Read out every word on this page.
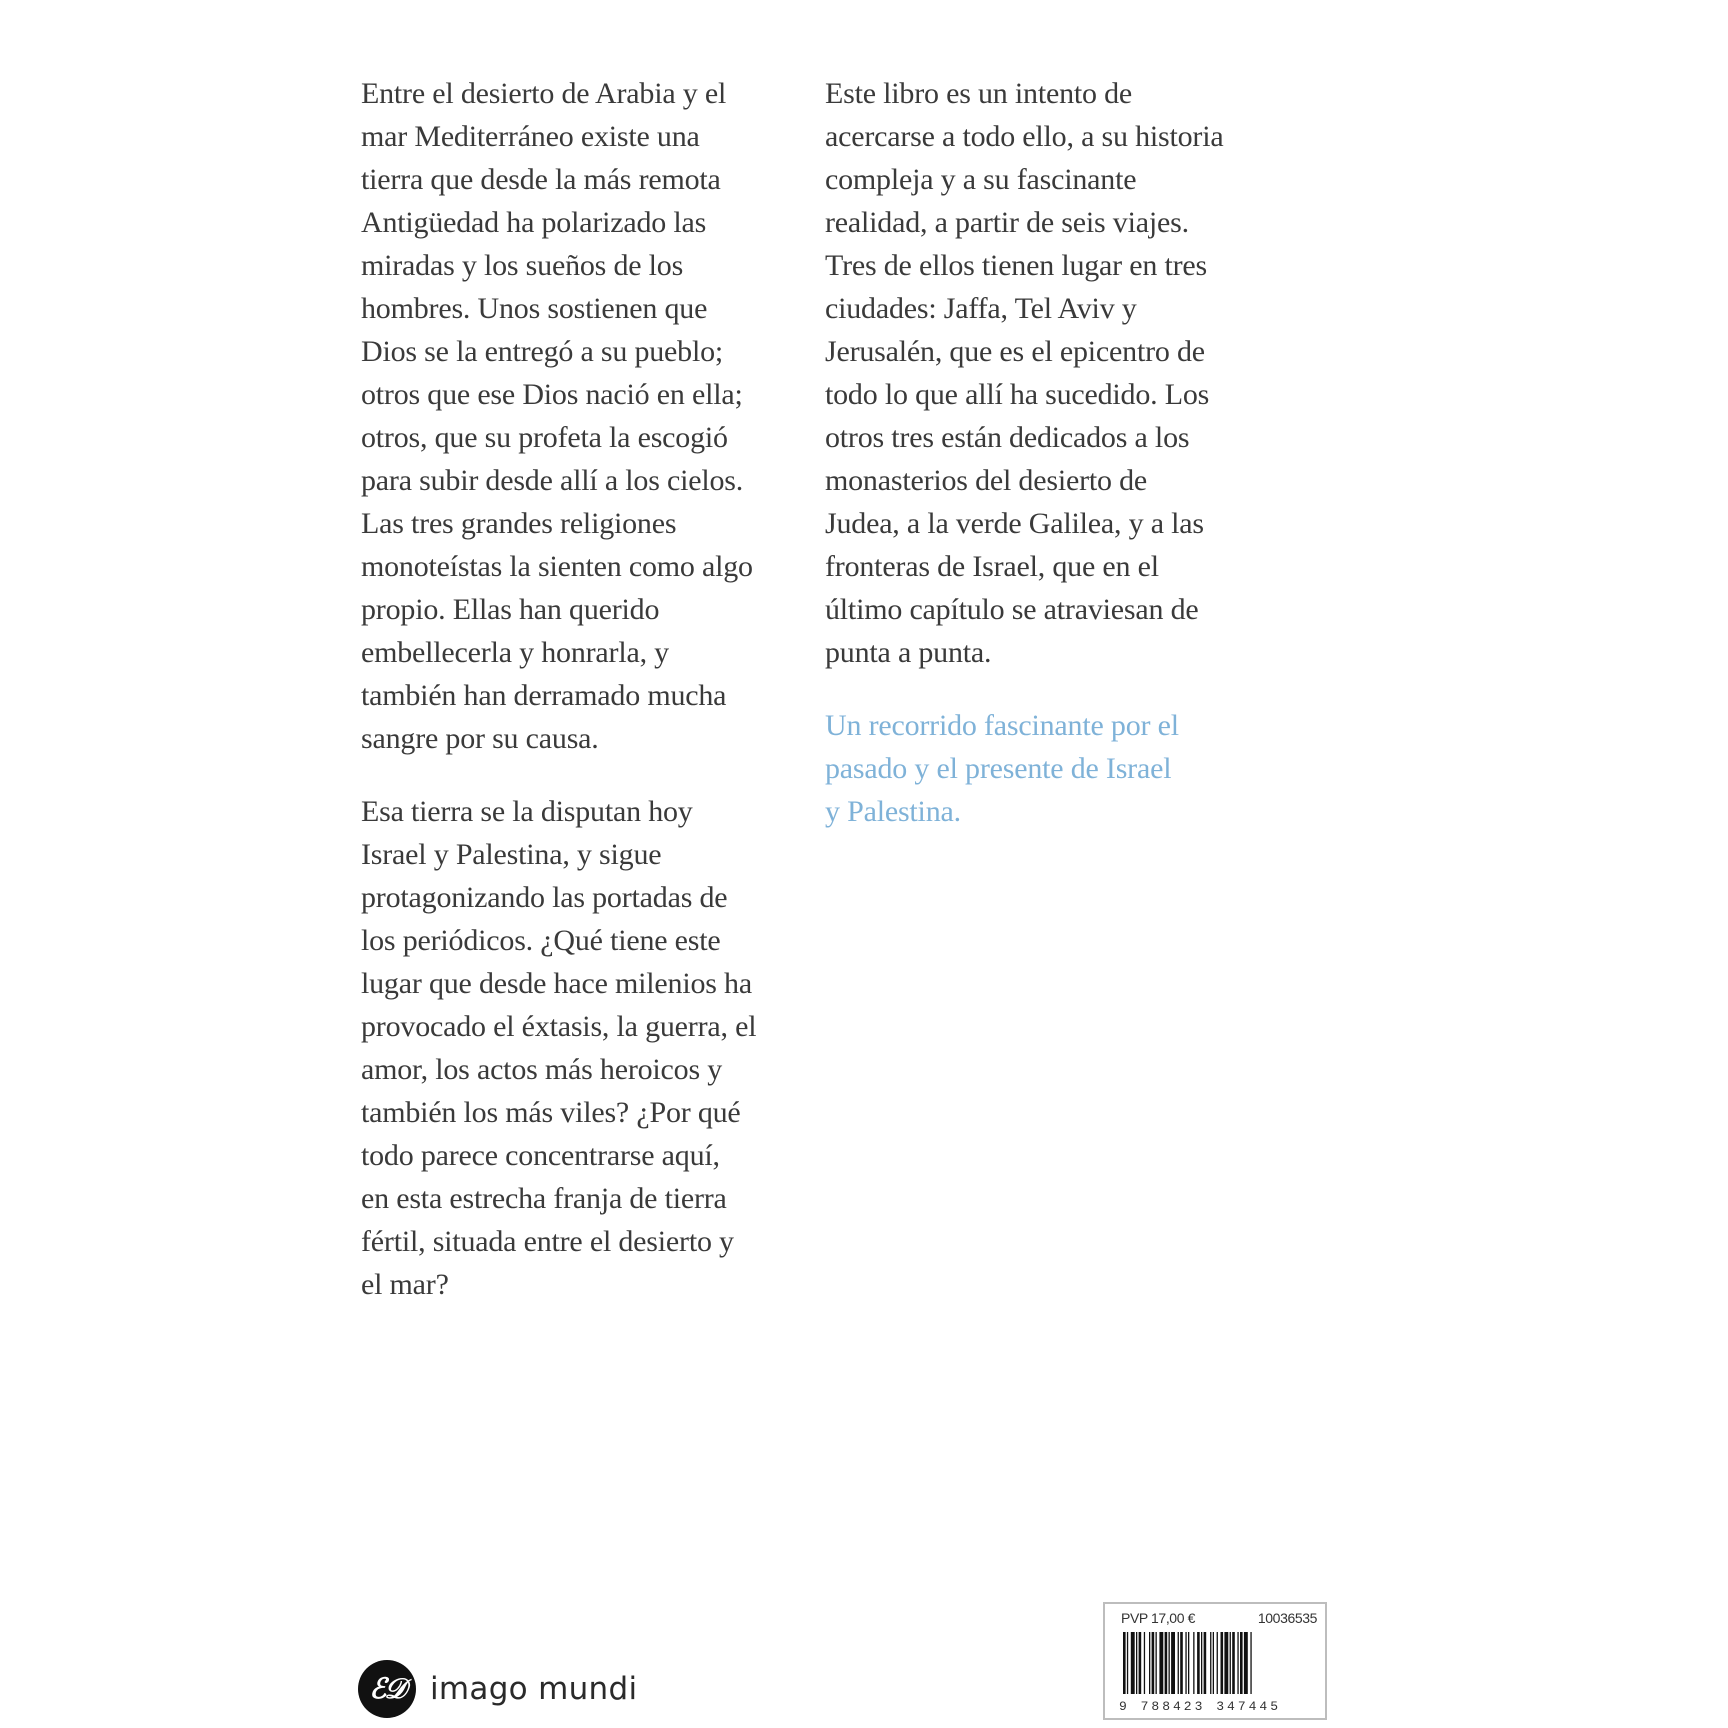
Entre el desierto de Arabia y el
mar Mediterráneo existe una
tierra que desde la más remota
Antigüedad ha polarizado las
miradas y los sueños de los
hombres. Unos sostienen que
Dios se la entregó a su pueblo;
otros que ese Dios nació en ella;
otros, que su profeta la escogió
para subir desde allí a los cielos.
Las tres grandes religiones
monoteístas la sienten como algo
propio. Ellas han querido
embellecerla y honrarla, y
también han derramado mucha
sangre por su causa.

Esa tierra se la disputan hoy
Israel y Palestina, y sigue
protagonizando las portadas de
los periódicos. ¿Qué tiene este
lugar que desde hace milenios ha
provocado el éxtasis, la guerra, el
amor, los actos más heroicos y
también los más viles? ¿Por qué
todo parece concentrarse aquí,
en esta estrecha franja de tierra
fértil, situada entre el desierto y
el mar?

Este libro es un intento de
acercarse a todo ello, a su historia
compleja y a su fascinante
realidad, a partir de seis viajes.
Tres de ellos tienen lugar en tres
ciudades: Jaffa, Tel Aviv y
Jerusalén, que es el epicentro de
todo lo que allí ha sucedido. Los
otros tres están dedicados a los
monasterios del desierto de
Judea, a la verde Galilea, y a las
fronteras de Israel, que en el
último capítulo se atraviesan de
punta a punta.

Un recorrido fascinante por el
pasado y el presente de Israel
y Palestina.

ℰ𝒟 imago mundi
PVP 17,00 €	10036535
9 788423 347445
